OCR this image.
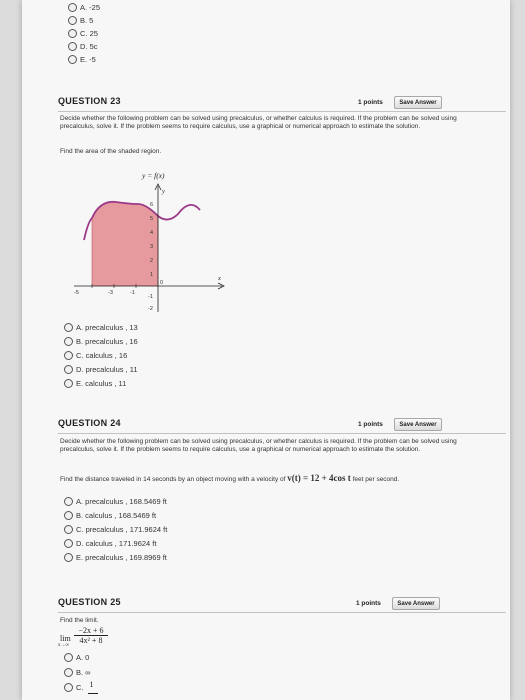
A. -25
B. 5
C. 25
D. 5c
E. -5
QUESTION 23	1 points	Save Answer
Decide whether the following problem can be solved using precalculus, or whether calculus is required. If the problem can be solved using precalculus, solve it. If the problem seems to require calculus, use a graphical or numerical approach to estimate the solution.
Find the area of the shaded region.
y = f(x)
y
x
6
5
4
3
2
1
0
-1
-2
-5	-3	-1
A. precalculus , 13
B. precalculus , 16
C. calculus , 16
D. precalculus , 11
E. calculus , 11
QUESTION 24	1 points	Save Answer
Decide whether the following problem can be solved using precalculus, or whether calculus is required. If the problem can be solved using precalculus, solve it. If the problem seems to require calculus, use a graphical or numerical approach to estimate the solution.
Find the distance traveled in 14 seconds by an object moving with a velocity of v(t) = 12 + 4cos t feet per second.
A. precalculus , 168.5469 ft
B. calculus , 168.5469 ft
C. precalculus , 171.9624 ft
D. calculus , 171.9624 ft
E. precalculus , 169.8969 ft
QUESTION 25	1 points	Save Answer
Find the limit.
lim
x→∞
−2x + 6
4x² + 8
A. 0
B. ∞
C. 1
